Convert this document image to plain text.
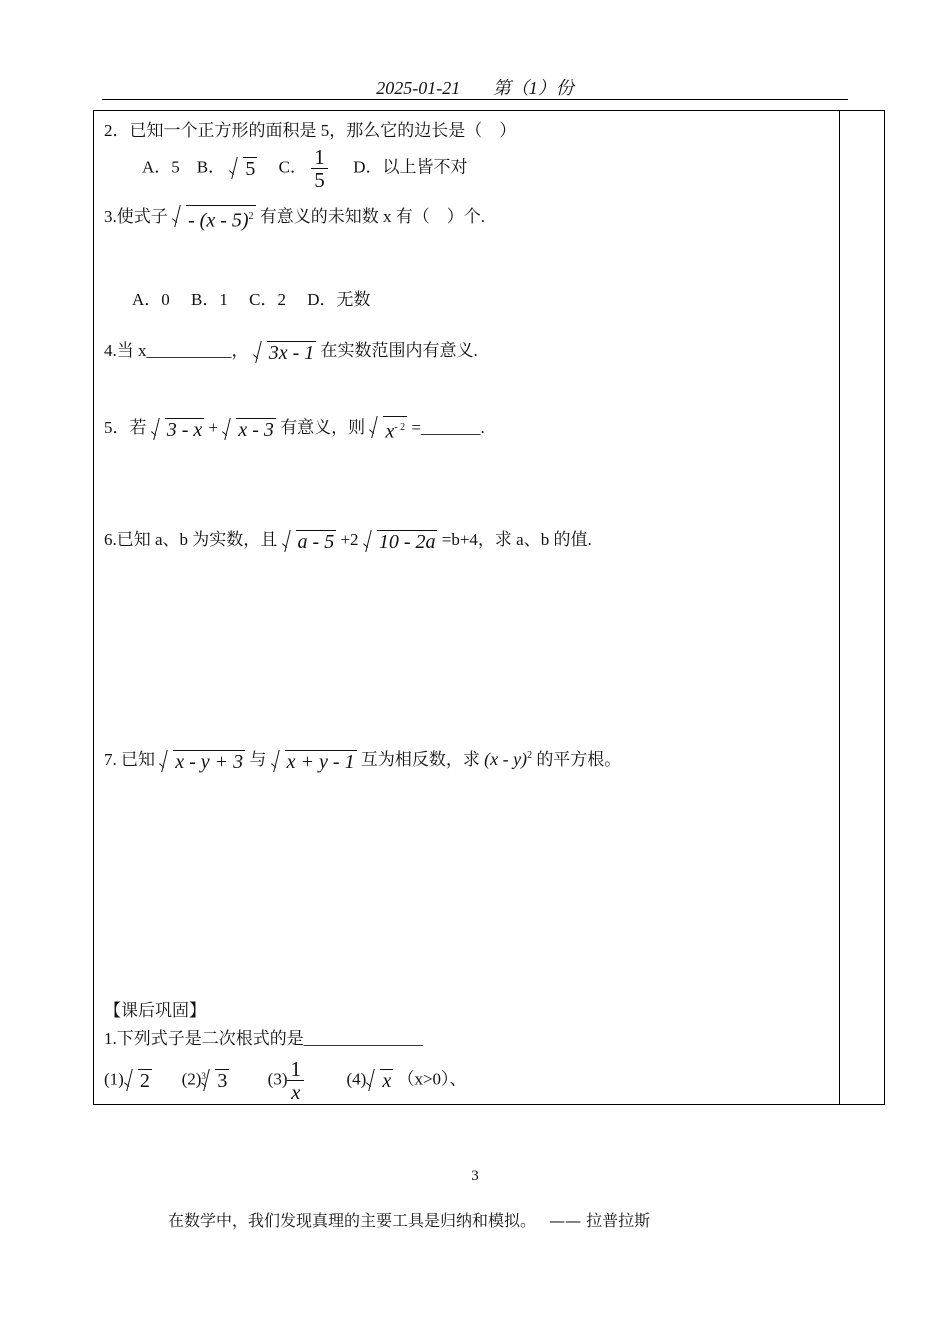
2025-01-21 第（1）份
2．已知一个正方形的面积是 5，那么它的边长是（　）
A．5 B． 5 C． $\frac{1}{5}$ D．以上皆不对
3.使式子 - (x - 5)$^2$ 有意义的未知数 x 有（　）个.
A．0　 B．1　 C．2　 D．无数
4.当 x__________， 3x - 1 在实数范围内有意义.
5．若 3 - x + x - 3 有意义，则 $x^{- 2}$ =_______.
6.已知 a、b 为实数，且 a - 5 +2 10 - 2a =b+4，求 a、b 的值.
7. 已知 x - y + 3 与 x + y - 1 互为相反数，求 (x - y)$^2$ 的平方根。
【课后巩固】
1.下列式子是二次根式的是______________
(1) 2 (2) 3 3 $(3) \frac{1}{x}$	(4) x （x>0）、
3
在数学中，我们发现真理的主要工具是归纳和模拟。　 —— 拉普拉斯
